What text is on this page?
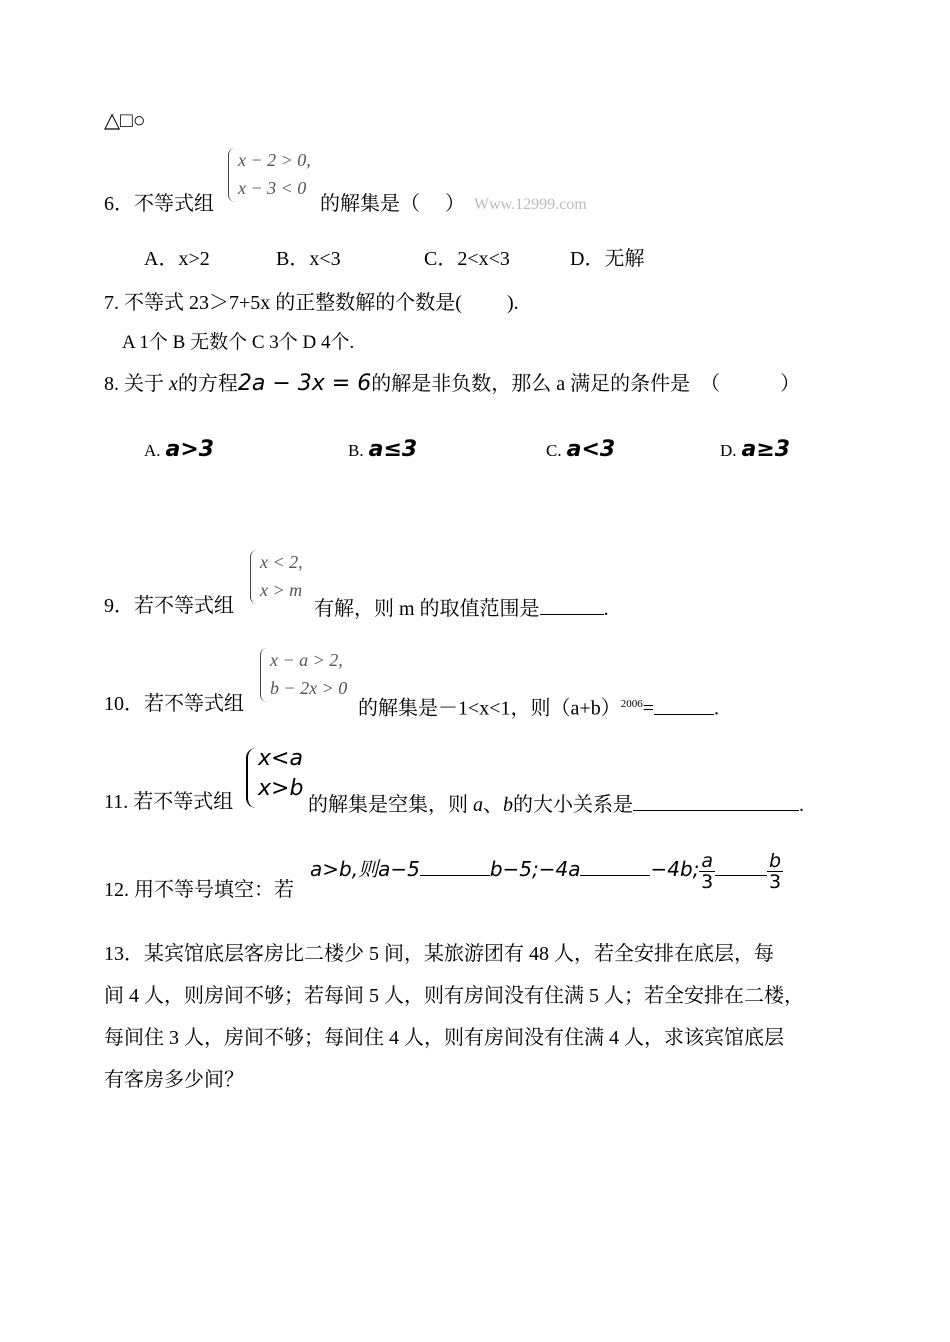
△□○
x − 2 > 0,
x − 3 < 0
6．不等式组	的解集是（　 ） Www.12999.com
A．x>2	B．x<3	C．2<x<3	D．无解
7. 不等式 23＞7+5x 的正整数解的个数是(　　 ).
A 1个 B 无数个 C 3个 D 4个.
8. 关于 x的方程2a − 3x = 6的解是非负数，那么 a 满足的条件是　（　　　）
A. a>3	B. a≤3	C. a<3	D. a≥3
x < 2,
x > m
9．若不等式组	有解，则 m 的取值范围是	.
x − a > 2,
b − 2x > 0
10．若不等式组	的解集是－1<x<1，则$(a+b)^{2006}=$	.
x<a
x>b
11. 若不等式组	的解集是空集，则 a、b的大小关系是	.
12. 用不等号填空：若
a>b,则a−5	b−5;−4a	−4b; $\frac{a}{3}$	$\frac{b}{3}$
13．某宾馆底层客房比二楼少 5 间，某旅游团有 48 人，若全安排在底层，每
间 4 人，则房间不够；若每间 5 人，则有房间没有住满 5 人；若全安排在二楼，
每间住 3 人，房间不够；每间住 4 人，则有房间没有住满 4 人，求该宾馆底层
有客房多少间？
